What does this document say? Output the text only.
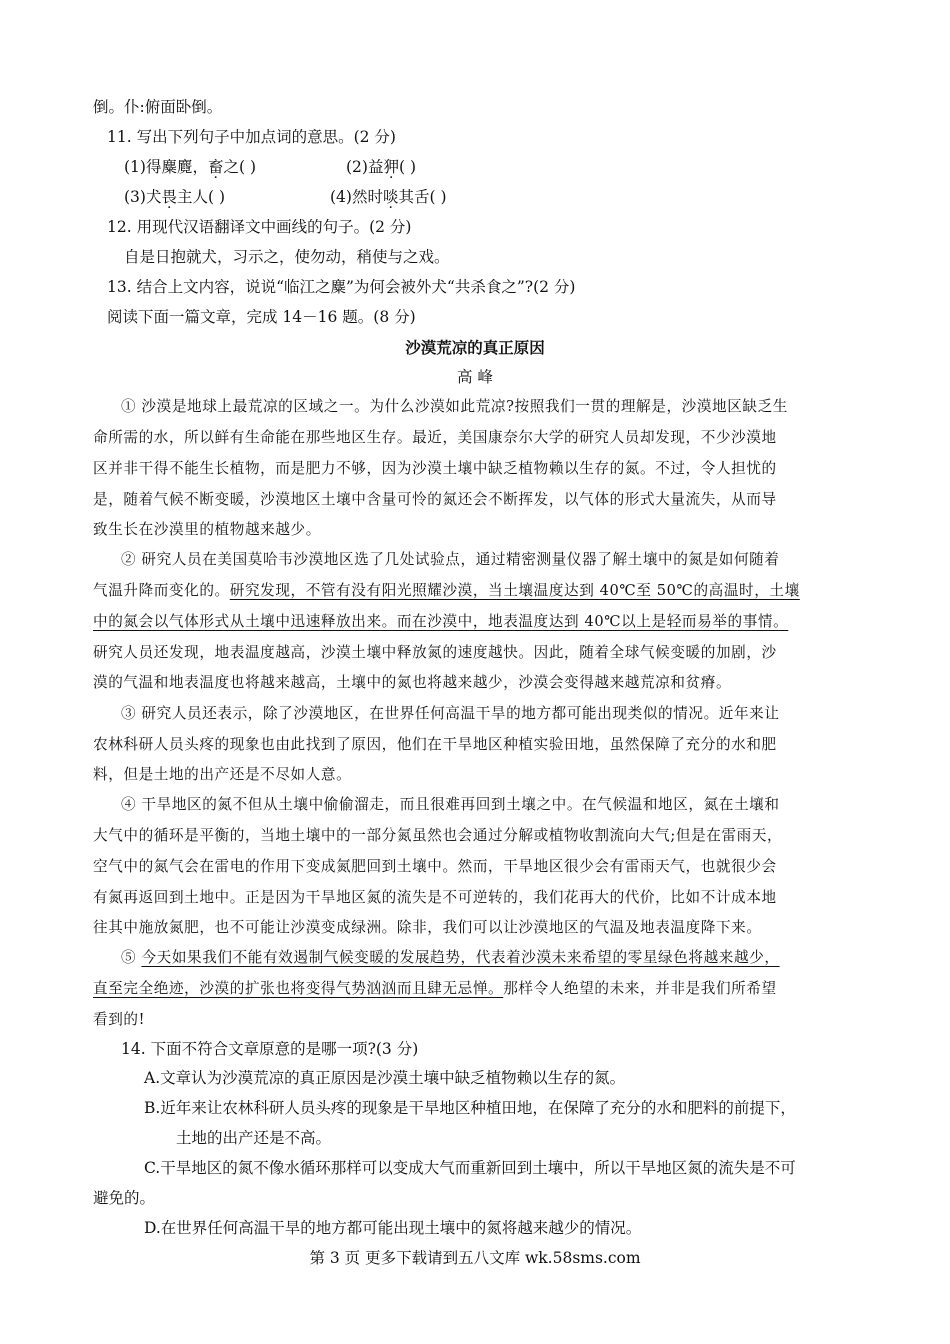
倒。仆:俯面卧倒。
11. 写出下列句子中加点词的意思。(2 分)
(1)得麋麑，畜之( )	(2)益狎( )
(3)犬畏主人( )	(4)然时啖其舌( )
12. 用现代汉语翻译文中画线的句子。(2 分)
自是日抱就犬，习示之，使勿动，稍使与之戏。
13. 结合上文内容，说说“临江之麋”为何会被外犬“共杀食之”?(2 分)
阅读下面一篇文章，完成 14－16 题。(8 分)
沙漠荒凉的真正原因
高 峰
① 沙漠是地球上最荒凉的区域之一。为什么沙漠如此荒凉?按照我们一贯的理解是，沙漠地区缺乏生
命所需的水，所以鲜有生命能在那些地区生存。最近，美国康奈尔大学的研究人员却发现，不少沙漠地
区并非干得不能生长植物，而是肥力不够，因为沙漠土壤中缺乏植物赖以生存的氮。不过，令人担忧的
是，随着气候不断变暖，沙漠地区土壤中含量可怜的氮还会不断挥发，以气体的形式大量流失，从而导
致生长在沙漠里的植物越来越少。
② 研究人员在美国莫哈韦沙漠地区选了几处试验点，通过精密测量仪器了解土壤中的氮是如何随着
气温升降而变化的。研究发现，不管有没有阳光照耀沙漠，当土壤温度达到 40℃至 50℃的高温时，土壤
中的氮会以气体形式从土壤中迅速释放出来。而在沙漠中，地表温度达到 40℃以上是轻而易举的事情。
研究人员还发现，地表温度越高，沙漠土壤中释放氮的速度越快。因此，随着全球气候变暖的加剧，沙
漠的气温和地表温度也将越来越高，土壤中的氮也将越来越少，沙漠会变得越来越荒凉和贫瘠。
③ 研究人员还表示，除了沙漠地区，在世界任何高温干旱的地方都可能出现类似的情况。近年来让
农林科研人员头疼的现象也由此找到了原因，他们在干旱地区种植实验田地，虽然保障了充分的水和肥
料，但是土地的出产还是不尽如人意。
④ 干旱地区的氮不但从土壤中偷偷溜走，而且很难再回到土壤之中。在气候温和地区，氮在土壤和
大气中的循环是平衡的，当地土壤中的一部分氮虽然也会通过分解或植物收割流向大气;但是在雷雨天，
空气中的氮气会在雷电的作用下变成氮肥回到土壤中。然而，干旱地区很少会有雷雨天气，也就很少会
有氮再返回到土地中。正是因为干旱地区氮的流失是不可逆转的，我们花再大的代价，比如不计成本地
往其中施放氮肥，也不可能让沙漠变成绿洲。除非，我们可以让沙漠地区的气温及地表温度降下来。
⑤ 今天如果我们不能有效遏制气候变暖的发展趋势，代表着沙漠未来希望的零星绿色将越来越少，
直至完全绝迹，沙漠的扩张也将变得气势汹汹而且肆无忌惮。那样令人绝望的未来，并非是我们所希望
看到的!
14. 下面不符合文章原意的是哪一项?(3 分)
A.文章认为沙漠荒凉的真正原因是沙漠土壤中缺乏植物赖以生存的氮。
B.近年来让农林科研人员头疼的现象是干旱地区种植田地，在保障了充分的水和肥料的前提下，
土地的出产还是不高。
C.干旱地区的氮不像水循环那样可以变成大气而重新回到土壤中，所以干旱地区氮的流失是不可
避免的。
D.在世界任何高温干旱的地方都可能出现土壤中的氮将越来越少的情况。
第 3 页 更多下载请到五八文库 wk.58sms.com
